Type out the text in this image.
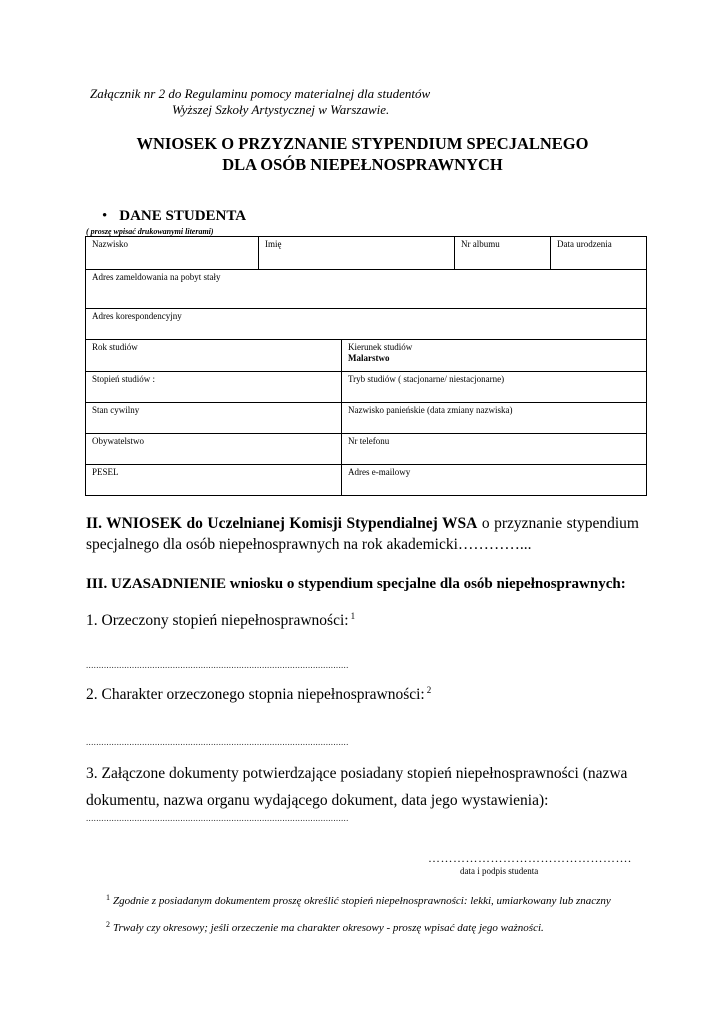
Załącznik nr 2 do Regulaminu pomocy materialnej dla studentów
Wyższej Szkoły Artystycznej w Warszawie.
WNIOSEK O PRZYZNANIE STYPENDIUM SPECJALNEGO
DLA OSÓB NIEPEŁNOSPRAWNYCH
• DANE STUDENTA
( proszę wpisać drukowanymi literami)
Nazwisko	Imię		Nr albumu	Data urodzenia
Adres zameldowania na pobyt stały				
Adres korespondencyjny				
Rok studiów		Kierunek studiów
Malarstwo		
Stopień studiów :		Tryb studiów ( stacjonarne/ niestacjonarne)		
Stan cywilny		Nazwisko panieńskie (data zmiany nazwiska)		
Obywatelstwo		Nr telefonu		
PESEL		Adres e-mailowy		
II. WNIOSEK do Uczelnianej Komisji Stypendialnej WSA o przyznanie stypendium specjalnego dla osób niepełnosprawnych na rok akademicki…………...
III. UZASADNIENIE wniosku o stypendium specjalne dla osób niepełnosprawnych:
1. Orzeczony stopień niepełnosprawności: $^1$
.......................................................................................................
2. Charakter orzeczonego stopnia niepełnosprawności: $^2$
.......................................................................................................
3. Załączone dokumenty potwierdzające posiadany stopień niepełnosprawności (nazwa dokumentu, nazwa organu wydającego dokument, data jego wystawienia):
.......................................................................................................
………………………………………….
data i podpis studenta
$^1$ Zgodnie z posiadanym dokumentem proszę określić stopień niepełnosprawności: lekki, umiarkowany lub znaczny
$^2$ Trwały czy okresowy; jeśli orzeczenie ma charakter okresowy - proszę wpisać datę jego ważności.
